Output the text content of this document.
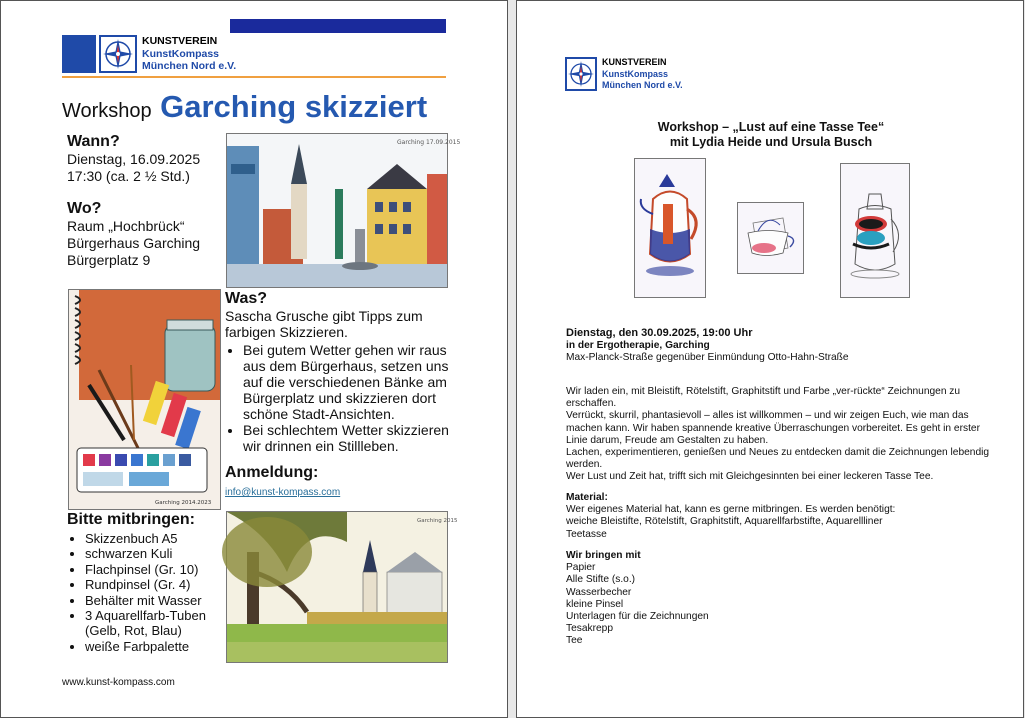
KUNSTVEREIN
KunstKompass
München Nord e.V.
Workshop Garching skizziert
Wann?
Dienstag, 16.09.2025
17:30 (ca. 2 ½ Std.)
Wo?
Raum „Hochbrück“
Bürgerhaus Garching
Bürgerplatz 9
Garching 17.09.2015
Garching 2014.2023
Was?
Sascha Grusche gibt Tipps zum farbigen Skizzieren.
• Bei gutem Wetter gehen wir raus aus dem Bürgerhaus, setzen uns auf die verschiedenen Bänke am Bürgerplatz und skizzieren dort schöne Stadt-Ansichten.
• Bei schlechtem Wetter skizzieren wir drinnen ein Stillleben.
Anmeldung:
info@kunst-kompass.com
Bitte mitbringen:
• Skizzenbuch A5
• schwarzen Kuli
• Flachpinsel (Gr. 10)
• Rundpinsel (Gr. 4)
• Behälter mit Wasser
• 3 Aquarellfarb-Tuben (Gelb, Rot, Blau)
• weiße Farbpalette
Garching 2015
www.kunst-kompass.com
KUNSTVEREIN
KunstKompass
München Nord e.V.
Workshop – „Lust auf eine Tasse Tee“
mit Lydia Heide und Ursula Busch
Dienstag, den 30.09.2025, 19:00 Uhr
in der Ergotherapie, Garching
Max-Planck-Straße gegenüber Einmündung Otto-Hahn-Straße
Wir laden ein, mit Bleistift, Rötelstift, Graphitstift und Farbe „ver-rückte“ Zeichnungen zu erschaffen.
Verrückt, skurril, phantasievoll – alles ist willkommen – und wir zeigen Euch, wie man das machen kann. Wir haben spannende kreative Überraschungen vorbereitet. Es geht in erster Linie darum, Freude am Gestalten zu haben.
Lachen, experimentieren, genießen und Neues zu entdecken damit die Zeichnungen lebendig werden.
Wer Lust und Zeit hat, trifft sich mit Gleichgesinnten bei einer leckeren Tasse Tee.
Material:
Wer eigenes Material hat, kann es gerne mitbringen. Es werden benötigt:
weiche Bleistifte, Rötelstift, Graphitstift, Aquarellfarbstifte, Aquarellliner
Teetasse
Wir bringen mit
Papier
Alle Stifte (s.o.)
Wasserbecher
kleine Pinsel
Unterlagen für die Zeichnungen
Tesakrepp
Tee
